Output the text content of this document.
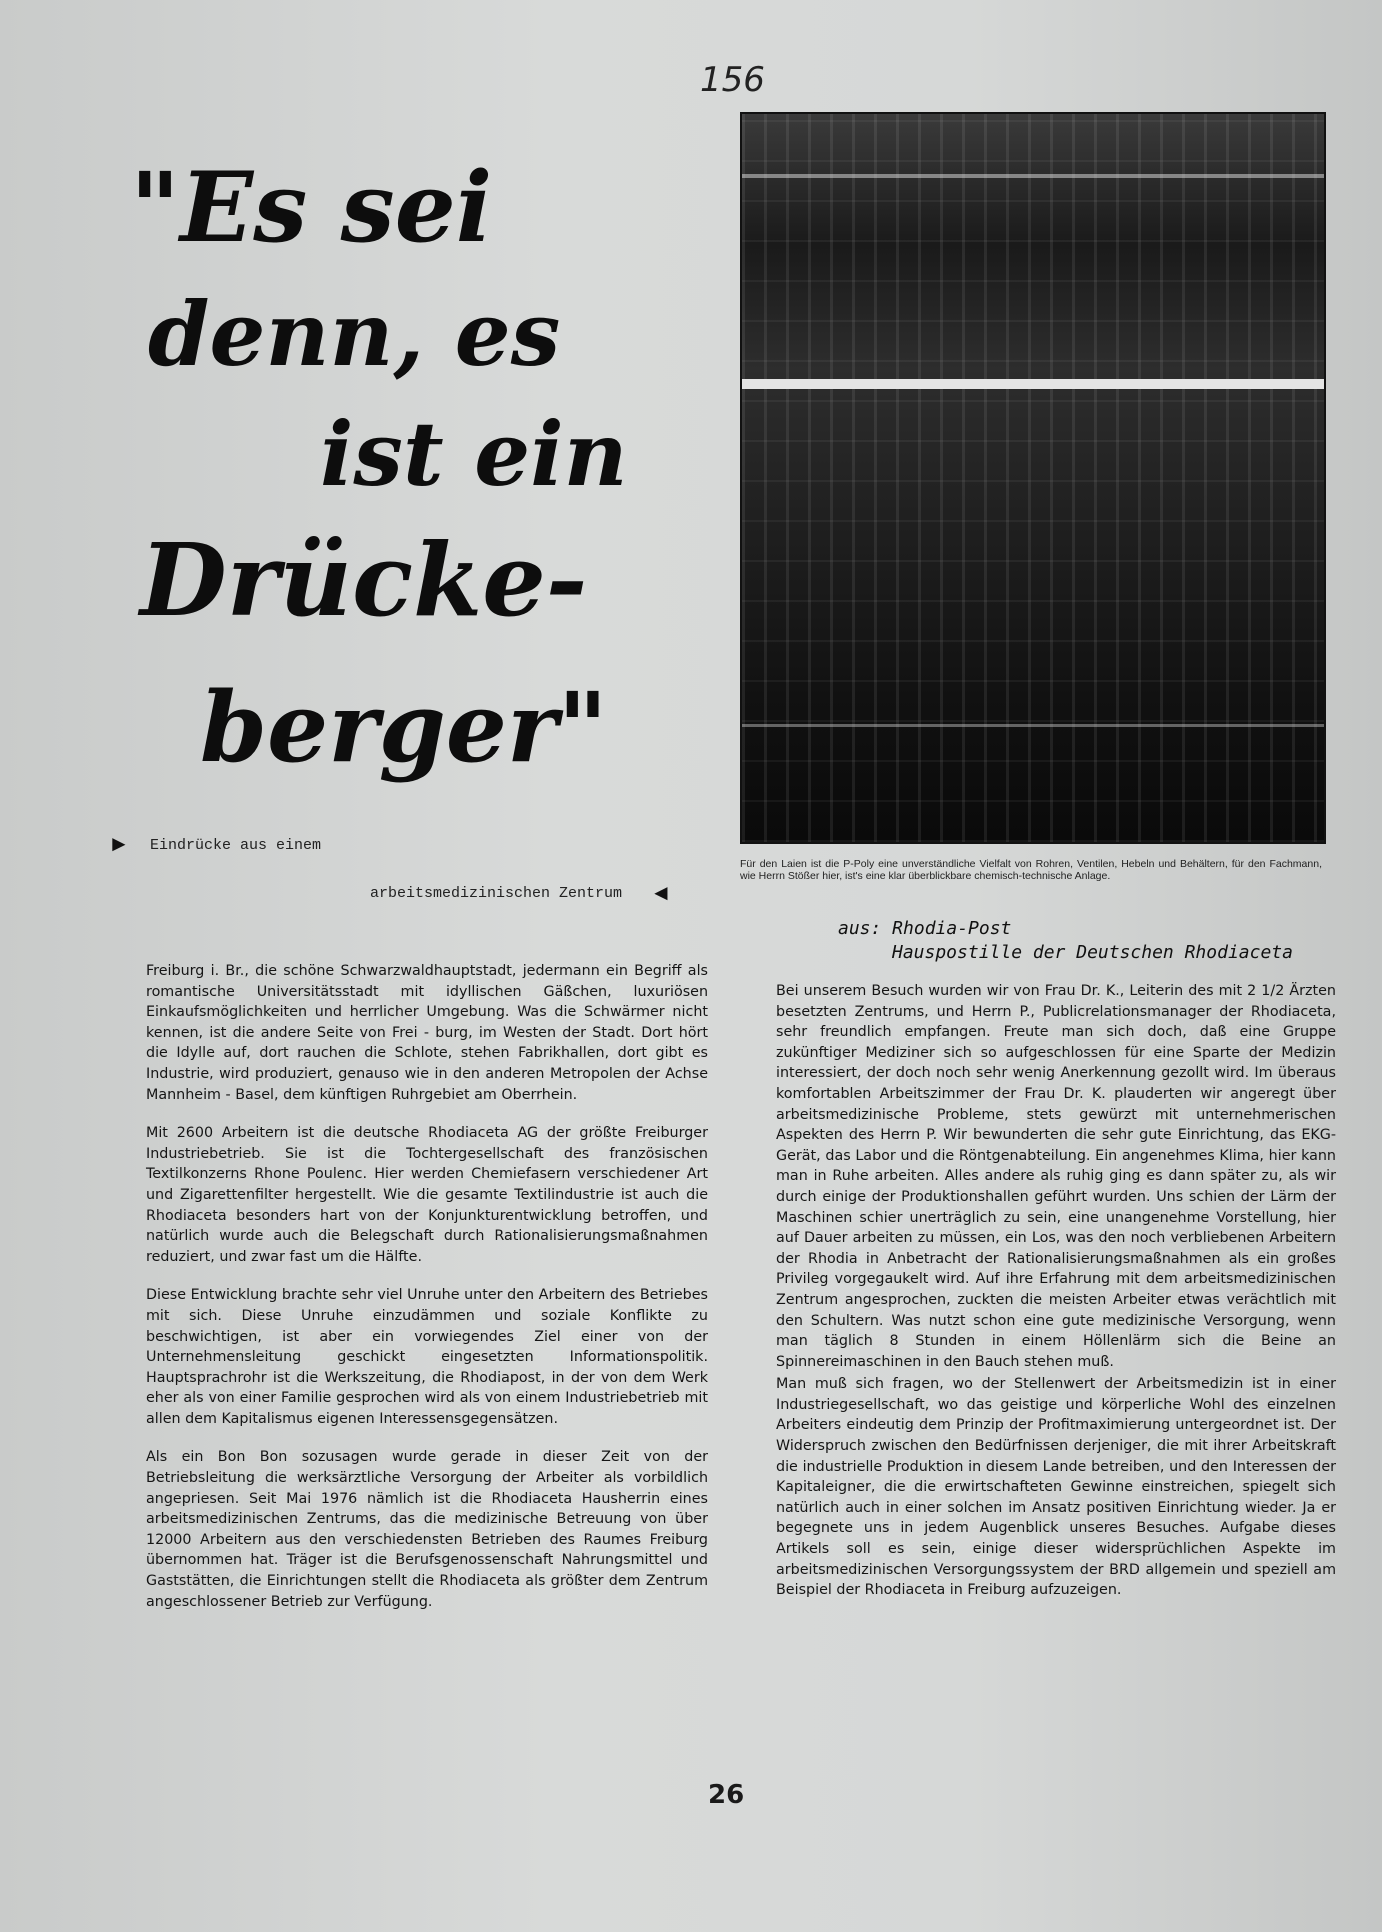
156
"Es sei
denn, es
ist ein
Drücke-
berger"
► Eindrücke aus einem
arbeitsmedizinischen Zentrum ◄
Für den Laien ist die P-Poly eine unverständliche Vielfalt von Rohren, Ventilen, Hebeln und Behältern, für den Fachmann, wie Herrn Stößer hier, ist's eine klar überblickbare chemisch-technische Anlage.
aus: Rhodia-Post
Hauspostille der Deutschen Rhodiaceta

Freiburg i. Br., die schöne Schwarzwaldhauptstadt, jedermann ein Begriff als romantische Universitätsstadt mit idyllischen Gäßchen, luxuriösen Einkaufsmöglichkeiten und herrlicher Umgebung. Was die Schwärmer nicht kennen, ist die andere Seite von Frei - burg, im Westen der Stadt. Dort hört die Idylle auf, dort rauchen die Schlote, stehen Fabrikhallen, dort gibt es Industrie, wird produziert, genauso wie in den anderen Metropolen der Achse Mannheim - Basel, dem künftigen Ruhrgebiet am Oberrhein.

Mit 2600 Arbeitern ist die deutsche Rhodiaceta AG der größte Freiburger Industriebetrieb. Sie ist die Tochtergesellschaft des französischen Textilkonzerns Rhone Poulenc. Hier werden Chemiefasern verschiedener Art und Zigarettenfilter hergestellt. Wie die gesamte Textilindustrie ist auch die Rhodiaceta besonders hart von der Konjunkturentwicklung betroffen, und natürlich wurde auch die Belegschaft durch Rationalisierungsmaßnahmen reduziert, und zwar fast um die Hälfte.

Diese Entwicklung brachte sehr viel Unruhe unter den Arbeitern des Betriebes mit sich. Diese Unruhe einzudämmen und soziale Konflikte zu beschwichtigen, ist aber ein vorwiegendes Ziel einer von der Unternehmensleitung geschickt eingesetzten Informationspolitik. Hauptsprachrohr ist die Werkszeitung, die Rhodiapost, in der von dem Werk eher als von einer Familie gesprochen wird als von einem Industriebetrieb mit allen dem Kapitalismus eigenen Interessensgegensätzen.

Als ein Bon Bon sozusagen wurde gerade in dieser Zeit von der Betriebsleitung die werksärztliche Versorgung der Arbeiter als vorbildlich angepriesen. Seit Mai 1976 nämlich ist die Rhodiaceta Hausherrin eines arbeitsmedizinischen Zentrums, das die medizinische Betreuung von über 12000 Arbeitern aus den verschiedensten Betrieben des Raumes Freiburg übernommen hat. Träger ist die Berufsgenossenschaft Nahrungsmittel und Gaststätten, die Einrichtungen stellt die Rhodiaceta als größter dem Zentrum angeschlossener Betrieb zur Verfügung.

Bei unserem Besuch wurden wir von Frau Dr. K., Leiterin des mit 2 1/2 Ärzten besetzten Zentrums, und Herrn P., Publicrelationsmanager der Rhodiaceta, sehr freundlich empfangen. Freute man sich doch, daß eine Gruppe zukünftiger Mediziner sich so aufgeschlossen für eine Sparte der Medizin interessiert, der doch noch sehr wenig Anerkennung gezollt wird. Im überaus komfortablen Arbeitszimmer der Frau Dr. K. plauderten wir angeregt über arbeitsmedizinische Probleme, stets gewürzt mit unternehmerischen Aspekten des Herrn P. Wir bewunderten die sehr gute Einrichtung, das EKG-Gerät, das Labor und die Röntgenabteilung. Ein angenehmes Klima, hier kann man in Ruhe arbeiten. Alles andere als ruhig ging es dann später zu, als wir durch einige der Produktionshallen geführt wurden. Uns schien der Lärm der Maschinen schier unerträglich zu sein, eine unangenehme Vorstellung, hier auf Dauer arbeiten zu müssen, ein Los, was den noch verbliebenen Arbeitern der Rhodia in Anbetracht der Rationalisierungsmaßnahmen als ein großes Privileg vorgegaukelt wird. Auf ihre Erfahrung mit dem arbeitsmedizinischen Zentrum angesprochen, zuckten die meisten Arbeiter etwas verächtlich mit den Schultern. Was nutzt schon eine gute medizinische Versorgung, wenn man täglich 8 Stunden in einem Höllenlärm sich die Beine an Spinnereimaschinen in den Bauch stehen muß.

Man muß sich fragen, wo der Stellenwert der Arbeitsmedizin ist in einer Industriegesellschaft, wo das geistige und körperliche Wohl des einzelnen Arbeiters eindeutig dem Prinzip der Profitmaximierung untergeordnet ist. Der Widerspruch zwischen den Bedürfnissen derjeniger, die mit ihrer Arbeitskraft die industrielle Produktion in diesem Lande betreiben, und den Interessen der Kapitaleigner, die die erwirtschafteten Gewinne einstreichen, spiegelt sich natürlich auch in einer solchen im Ansatz positiven Einrichtung wieder. Ja er begegnete uns in jedem Augenblick unseres Besuches. Aufgabe dieses Artikels soll es sein, einige dieser widersprüchlichen Aspekte im arbeitsmedizinischen Versorgungssystem der BRD allgemein und speziell am Beispiel der Rhodiaceta in Freiburg aufzuzeigen.

26
